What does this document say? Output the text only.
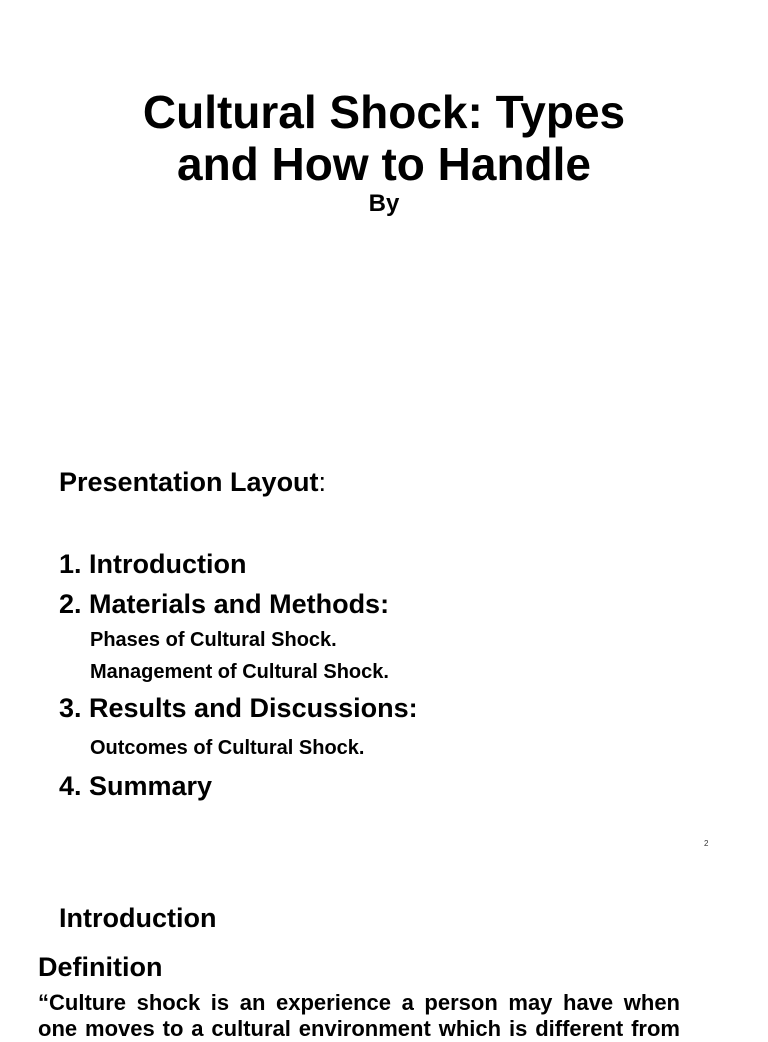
Cultural Shock: Types
and How to Handle
By
Presentation Layout:
1. Introduction
2. Materials and Methods:
Phases of Cultural Shock.
Management of Cultural Shock.
3. Results and Discussions:
Outcomes of Cultural Shock.
4. Summary
2
Introduction
Definition

“Culture shock is an experience a person may have when one moves to a cultural environment which is different from
